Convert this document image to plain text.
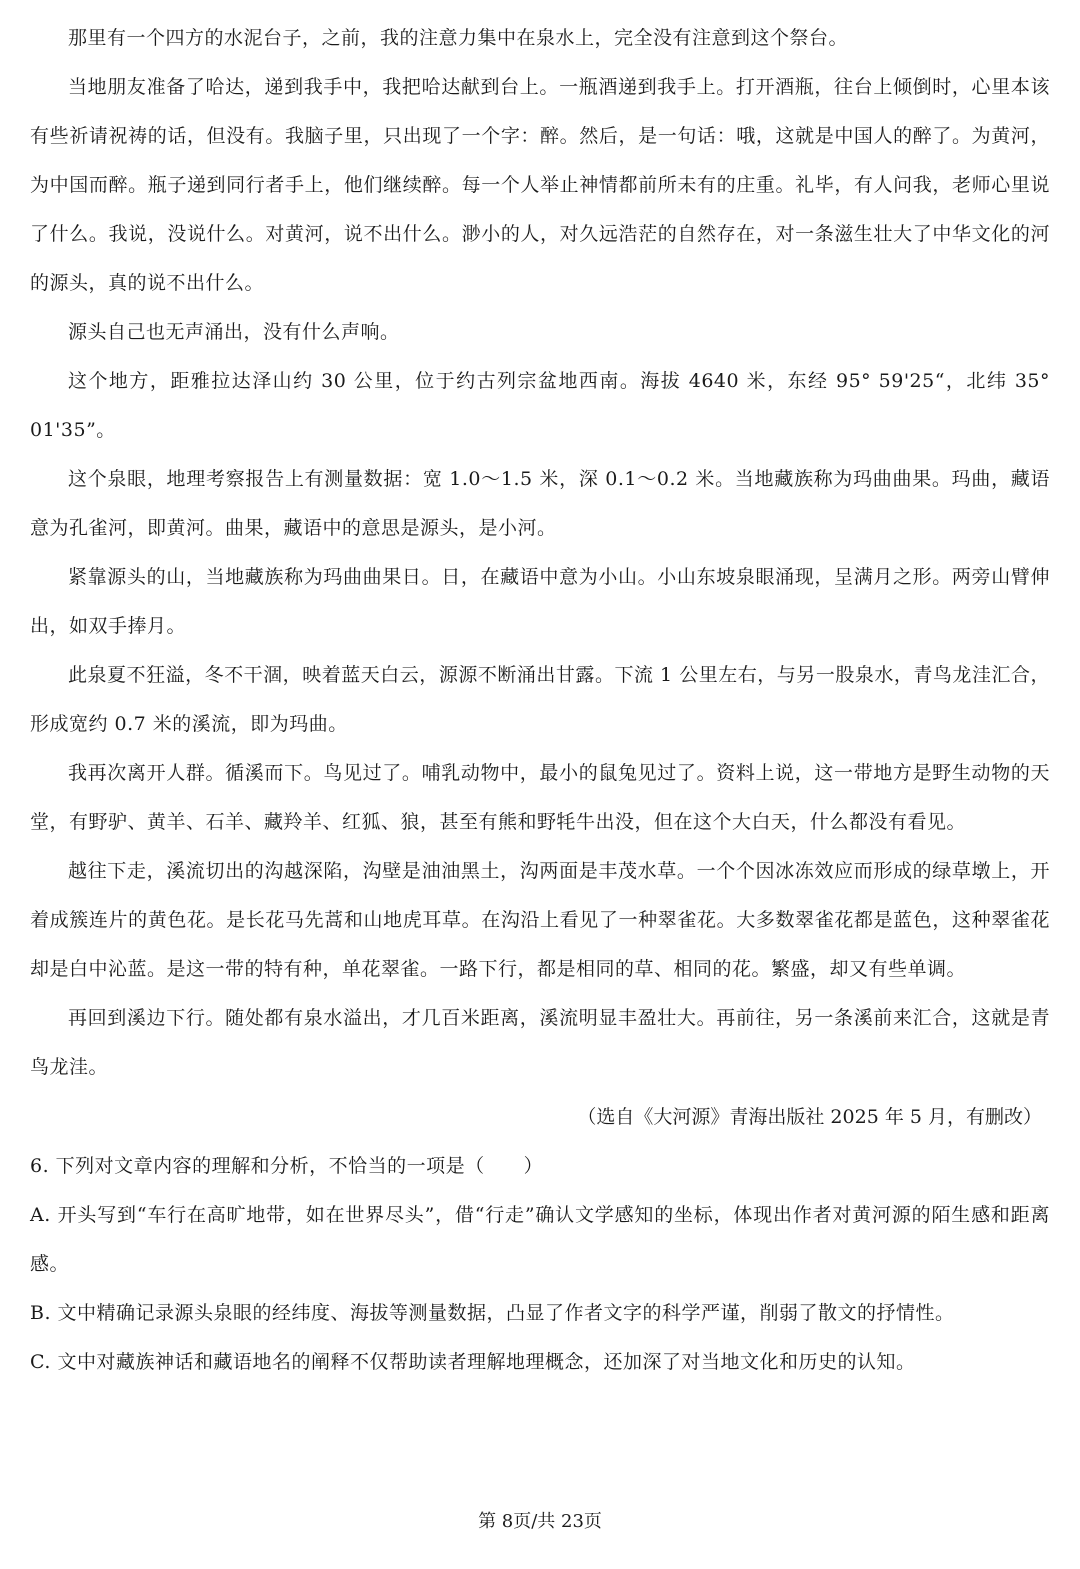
那里有一个四方的水泥台子，之前，我的注意力集中在泉水上，完全没有注意到这个祭台。

当地朋友准备了哈达，递到我手中，我把哈达献到台上。一瓶酒递到我手上。打开酒瓶，往台上倾倒时，心里本该有些祈请祝祷的话，但没有。我脑子里，只出现了一个字：醉。然后，是一句话：哦，这就是中国人的醉了。为黄河，为中国而醉。瓶子递到同行者手上，他们继续醉。每一个人举止神情都前所未有的庄重。礼毕，有人问我，老师心里说了什么。我说，没说什么。对黄河，说不出什么。渺小的人，对久远浩茫的自然存在，对一条滋生壮大了中华文化的河的源头，真的说不出什么。

源头自己也无声涌出，没有什么声响。

这个地方，距雅拉达泽山约 30 公里，位于约古列宗盆地西南。海拔 4640 米，东经 95° 59'25“，北纬 35° 01'35”。

这个泉眼，地理考察报告上有测量数据：宽 1.0～1.5 米，深 0.1～0.2 米。当地藏族称为玛曲曲果。玛曲，藏语意为孔雀河，即黄河。曲果，藏语中的意思是源头，是小河。

紧靠源头的山，当地藏族称为玛曲曲果日。日，在藏语中意为小山。小山东坡泉眼涌现，呈满月之形。两旁山臂伸出，如双手捧月。

此泉夏不狂溢，冬不干涸，映着蓝天白云，源源不断涌出甘露。下流 1 公里左右，与另一股泉水，青鸟龙洼汇合，形成宽约 0.7 米的溪流，即为玛曲。

我再次离开人群。循溪而下。鸟见过了。哺乳动物中，最小的鼠兔见过了。资料上说，这一带地方是野生动物的天堂，有野驴、黄羊、石羊、藏羚羊、红狐、狼，甚至有熊和野牦牛出没，但在这个大白天，什么都没有看见。

越往下走，溪流切出的沟越深陷，沟壁是油油黑土，沟两面是丰茂水草。一个个因冰冻效应而形成的绿草墩上，开着成簇连片的黄色花。是长花马先蒿和山地虎耳草。在沟沿上看见了一种翠雀花。大多数翠雀花都是蓝色，这种翠雀花却是白中沁蓝。是这一带的特有种，单花翠雀。一路下行，都是相同的草、相同的花。繁盛，却又有些单调。

再回到溪边下行。随处都有泉水溢出，才几百米距离，溪流明显丰盈壮大。再前往，另一条溪前来汇合，这就是青鸟龙洼。

（选自《大河源》青海出版社 2025 年 5 月，有删改）

6. 下列对文章内容的理解和分析，不恰当的一项是（　　）

A. 开头写到“车行在高旷地带，如在世界尽头”，借“行走”确认文学感知的坐标，体现出作者对黄河源的陌生感和距离感。

B. 文中精确记录源头泉眼的经纬度、海拔等测量数据，凸显了作者文字的科学严谨，削弱了散文的抒情性。

C. 文中对藏族神话和藏语地名的阐释不仅帮助读者理解地理概念，还加深了对当地文化和历史的认知。

第 8页/共 23页
